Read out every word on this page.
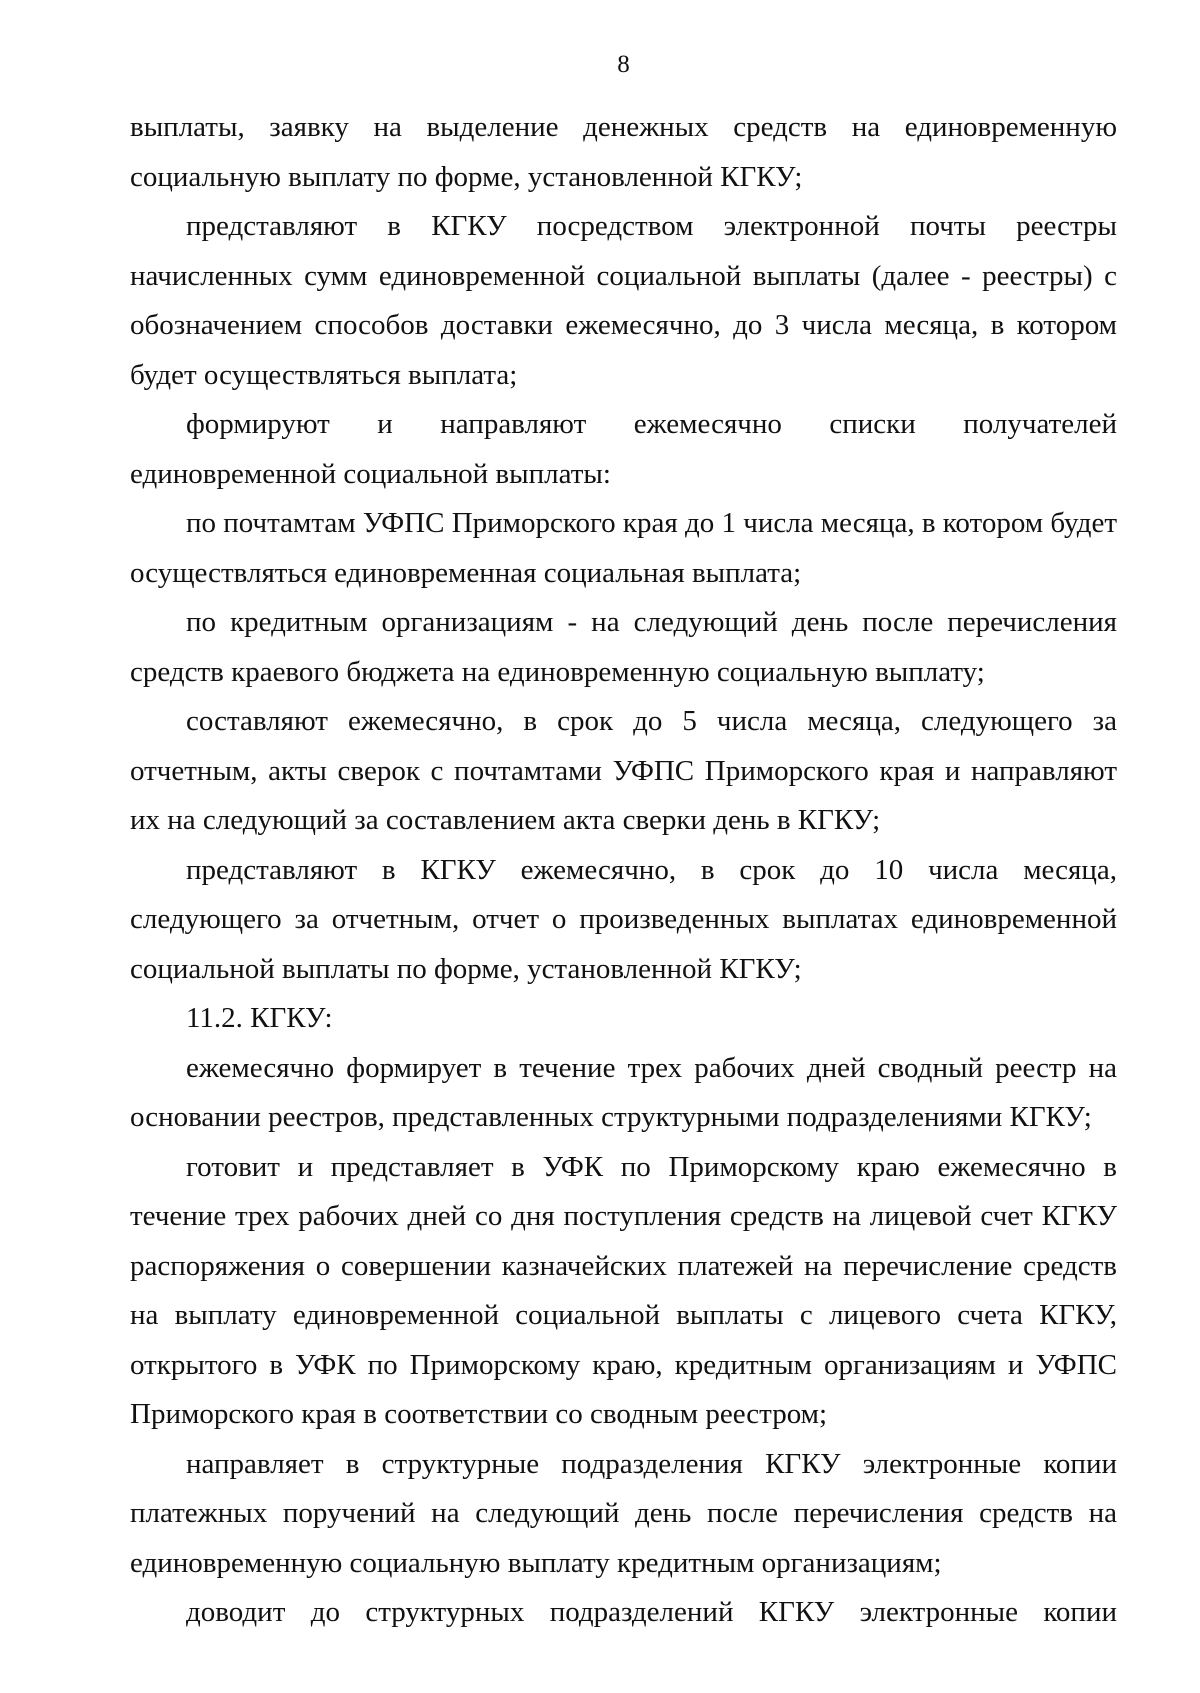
8

выплаты, заявку на выделение денежных средств на единовременную социальную выплату по форме, установленной КГКУ;

представляют в КГКУ посредством электронной почты реестры начисленных сумм единовременной социальной выплаты (далее - реестры) с обозначением способов доставки ежемесячно, до 3 числа месяца, в котором будет осуществляться выплата;

формируют и направляют ежемесячно списки получателей единовременной социальной выплаты:

по почтамтам УФПС Приморского края до 1 числа месяца, в котором будет осуществляться единовременная социальная выплата;

по кредитным организациям - на следующий день после перечисления средств краевого бюджета на единовременную социальную выплату;

составляют ежемесячно, в срок до 5 числа месяца, следующего за отчетным, акты сверок с почтамтами УФПС Приморского края и направляют их на следующий за составлением акта сверки день в КГКУ;

представляют в КГКУ ежемесячно, в срок до 10 числа месяца, следующего за отчетным, отчет о произведенных выплатах единовременной социальной выплаты по форме, установленной КГКУ;

11.2. КГКУ:

ежемесячно формирует в течение трех рабочих дней сводный реестр на основании реестров, представленных структурными подразделениями КГКУ;

готовит и представляет в УФК по Приморскому краю ежемесячно в течение трех рабочих дней со дня поступления средств на лицевой счет КГКУ распоряжения о совершении казначейских платежей на перечисление средств на выплату единовременной социальной выплаты с лицевого счета КГКУ, открытого в УФК по Приморскому краю, кредитным организациям и УФПС Приморского края в соответствии со сводным реестром;

направляет в структурные подразделения КГКУ электронные копии платежных поручений на следующий день после перечисления средств на единовременную социальную выплату кредитным организациям;

доводит до структурных подразделений КГКУ электронные копии
